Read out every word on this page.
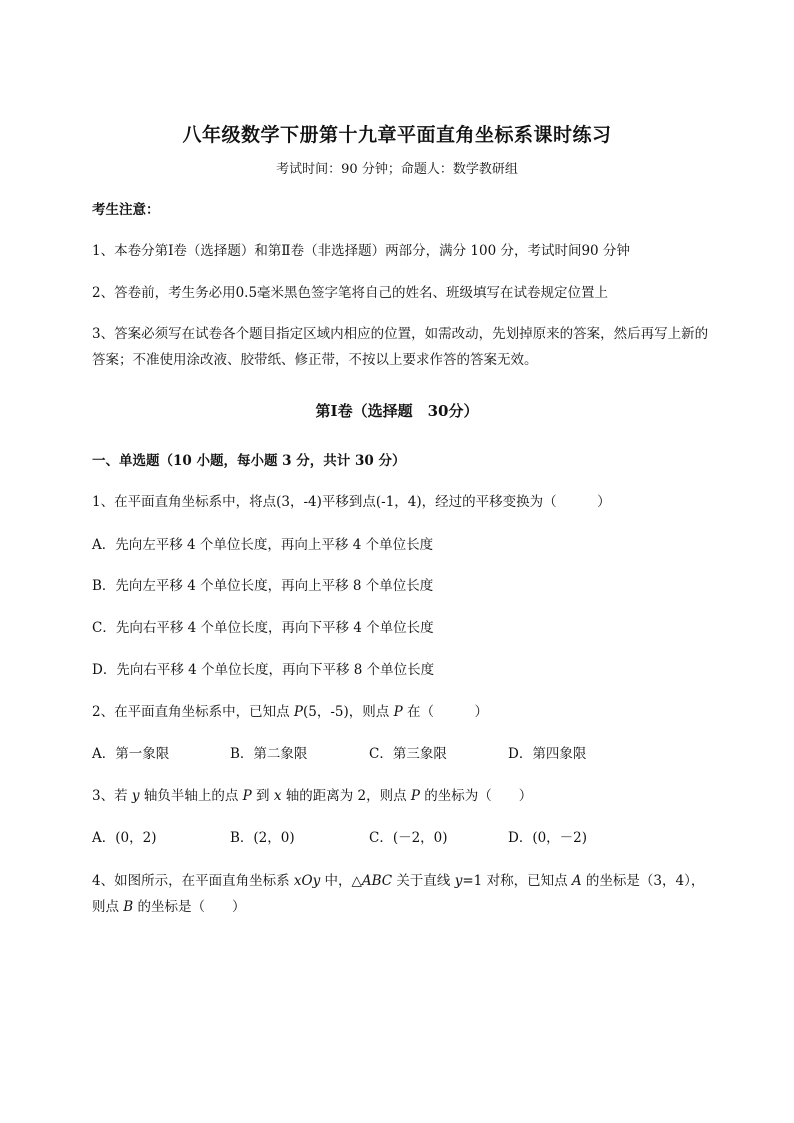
八年级数学下册第十九章平面直角坐标系课时练习
考试时间：90 分钟；命题人：数学教研组
考生注意：
1、本卷分第Ⅰ卷（选择题）和第Ⅱ卷（非选择题）两部分，满分 100 分，考试时间90 分钟
2、答卷前，考生务必用0.5毫米黑色签字笔将自己的姓名、班级填写在试卷规定位置上
3、答案必须写在试卷各个题目指定区域内相应的位置，如需改动，先划掉原来的答案，然后再写上新的答案；不准使用涂改液、胶带纸、修正带，不按以上要求作答的答案无效。
第Ⅰ卷（选择题　30分）
一、单选题（10 小题，每小题 3 分，共计 30 分）
1、在平面直角坐标系中，将点(3，-4)平移到点(-1，4)，经过的平移变换为（　　　）
A．先向左平移 4 个单位长度，再向上平移 4 个单位长度
B．先向左平移 4 个单位长度，再向上平移 8 个单位长度
C．先向右平移 4 个单位长度，再向下平移 4 个单位长度
D．先向右平移 4 个单位长度，再向下平移 8 个单位长度
2、在平面直角坐标系中，已知点 P(5，-5)，则点 P 在（　　　）
A．第一象限	B．第二象限	C．第三象限	D．第四象限
3、若 y 轴负半轴上的点 P 到 x 轴的距离为 2，则点 P 的坐标为（　　）
A．(0，2)	B．(2，0)	C．(－2，0)	D．(0，－2)
4、如图所示，在平面直角坐标系 xOy 中，△ABC 关于直线 y=1 对称，已知点 A 的坐标是（3，4），
则点 B 的坐标是（　　）
